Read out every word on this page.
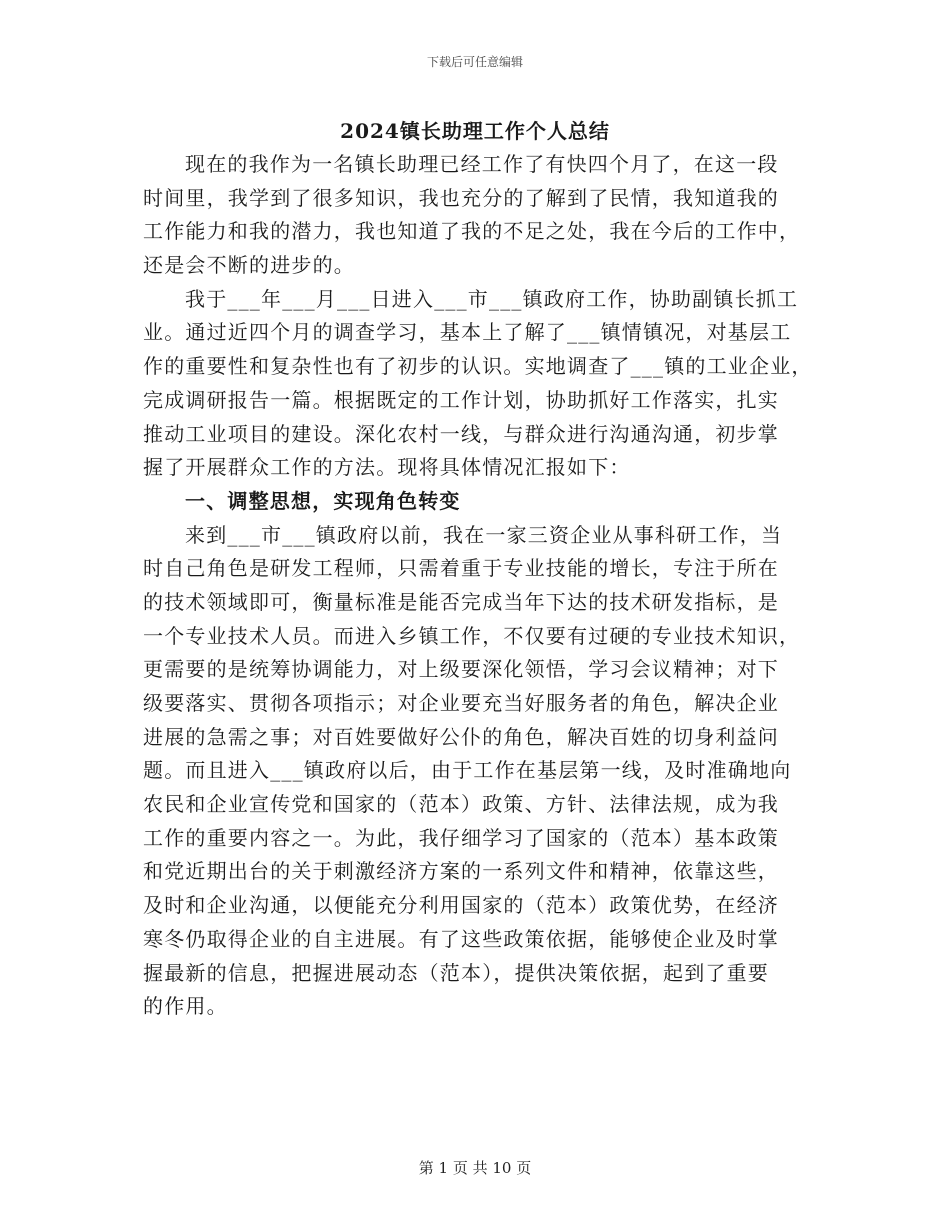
下载后可任意编辑
2024镇长助理工作个人总结
现在的我作为一名镇长助理已经工作了有快四个月了，在这一段
时间里，我学到了很多知识，我也充分的了解到了民情，我知道我的
工作能力和我的潜力，我也知道了我的不足之处，我在今后的工作中，
还是会不断的进步的。
我于___年___月___日进入___市___镇政府工作，协助副镇长抓工
业。通过近四个月的调查学习，基本上了解了___镇情镇况，对基层工
作的重要性和复杂性也有了初步的认识。实地调查了___镇的工业企业，
完成调研报告一篇。根据既定的工作计划，协助抓好工作落实，扎实
推动工业项目的建设。深化农村一线，与群众进行沟通沟通，初步掌
握了开展群众工作的方法。现将具体情况汇报如下：
一、调整思想，实现角色转变
来到___市___镇政府以前，我在一家三资企业从事科研工作，当
时自己角色是研发工程师，只需着重于专业技能的增长，专注于所在
的技术领域即可，衡量标准是能否完成当年下达的技术研发指标，是
一个专业技术人员。而进入乡镇工作，不仅要有过硬的专业技术知识，
更需要的是统筹协调能力，对上级要深化领悟，学习会议精神；对下
级要落实、贯彻各项指示；对企业要充当好服务者的角色，解决企业
进展的急需之事；对百姓要做好公仆的角色，解决百姓的切身利益问
题。而且进入___镇政府以后，由于工作在基层第一线，及时准确地向
农民和企业宣传党和国家的（范本）政策、方针、法律法规，成为我
工作的重要内容之一。为此，我仔细学习了国家的（范本）基本政策
和党近期出台的关于刺激经济方案的一系列文件和精神，依靠这些，
及时和企业沟通，以便能充分利用国家的（范本）政策优势，在经济
寒冬仍取得企业的自主进展。有了这些政策依据，能够使企业及时掌
握最新的信息，把握进展动态（范本），提供决策依据，起到了重要
的作用。
第 1 页 共 10 页
